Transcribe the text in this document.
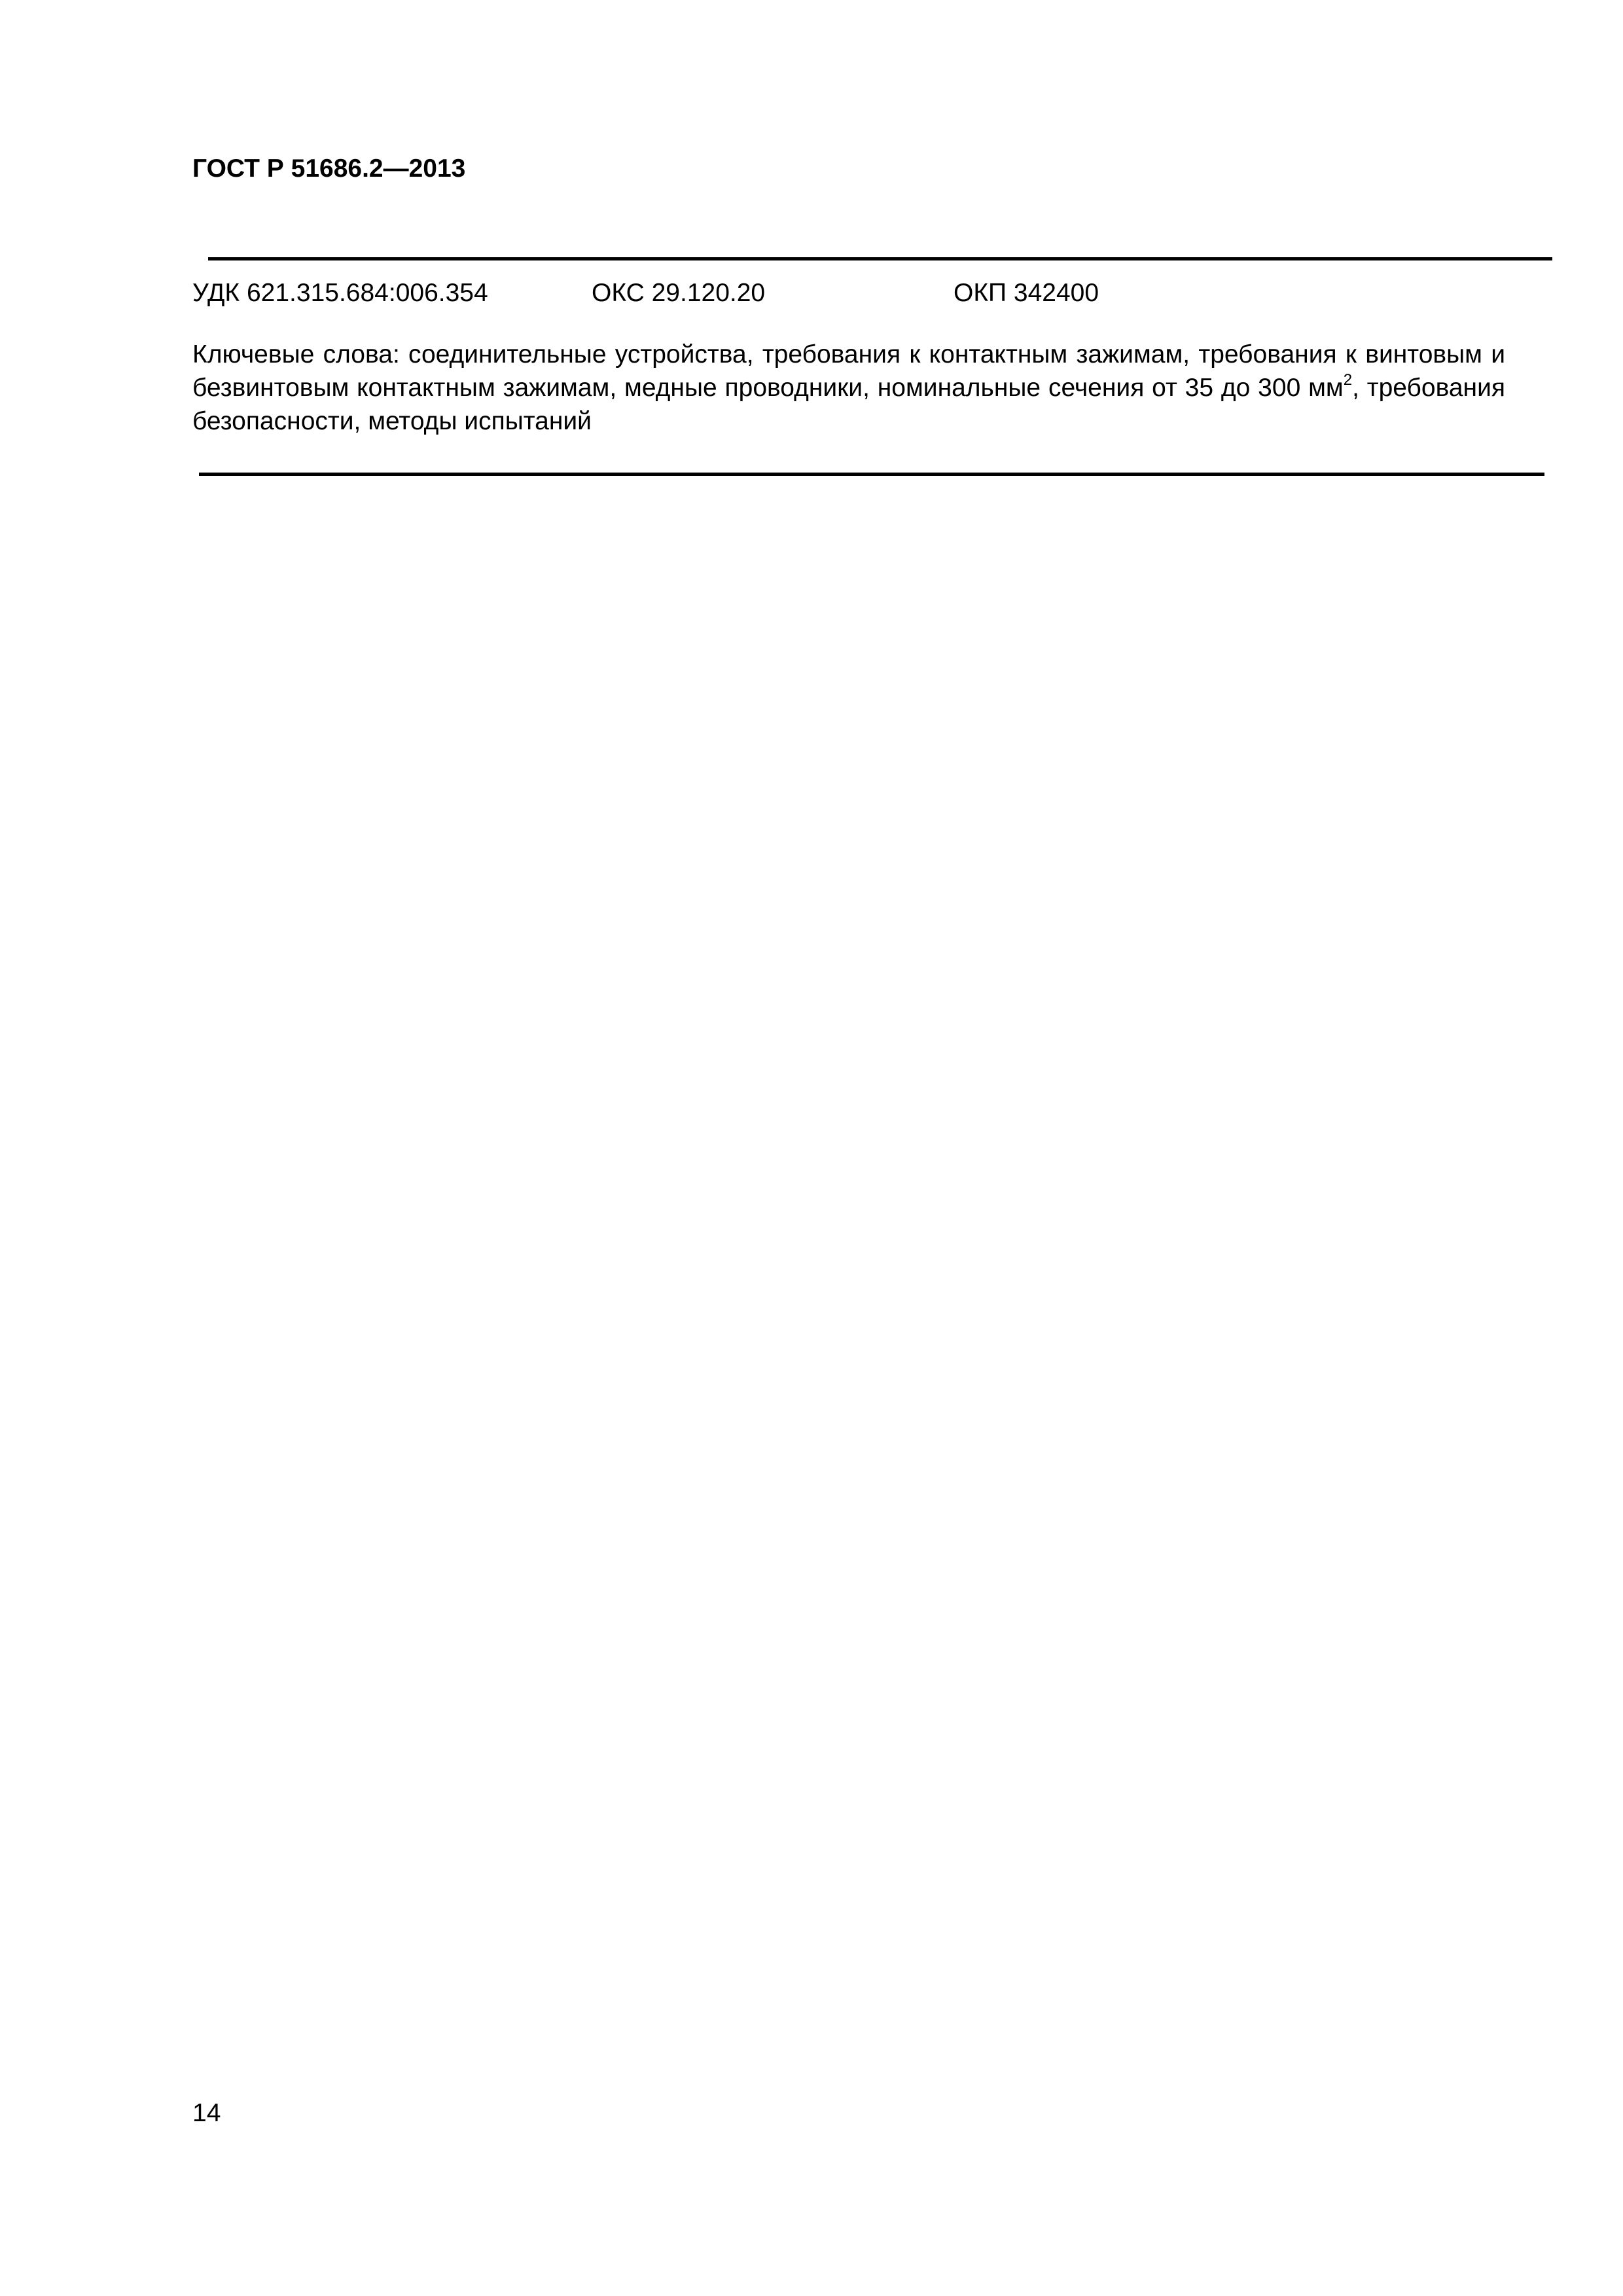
ГОСТ Р 51686.2—2013
УДК 621.315.684:006.354	ОКС 29.120.20	ОКП 342400
Ключевые слова: соединительные устройства, требования к контактным зажимам, требования к винтовым и безвинтовым контактным зажимам, медные проводники, номинальные сечения от 35 до 300 $мм^2$, требования безопасности, методы испытаний
14
